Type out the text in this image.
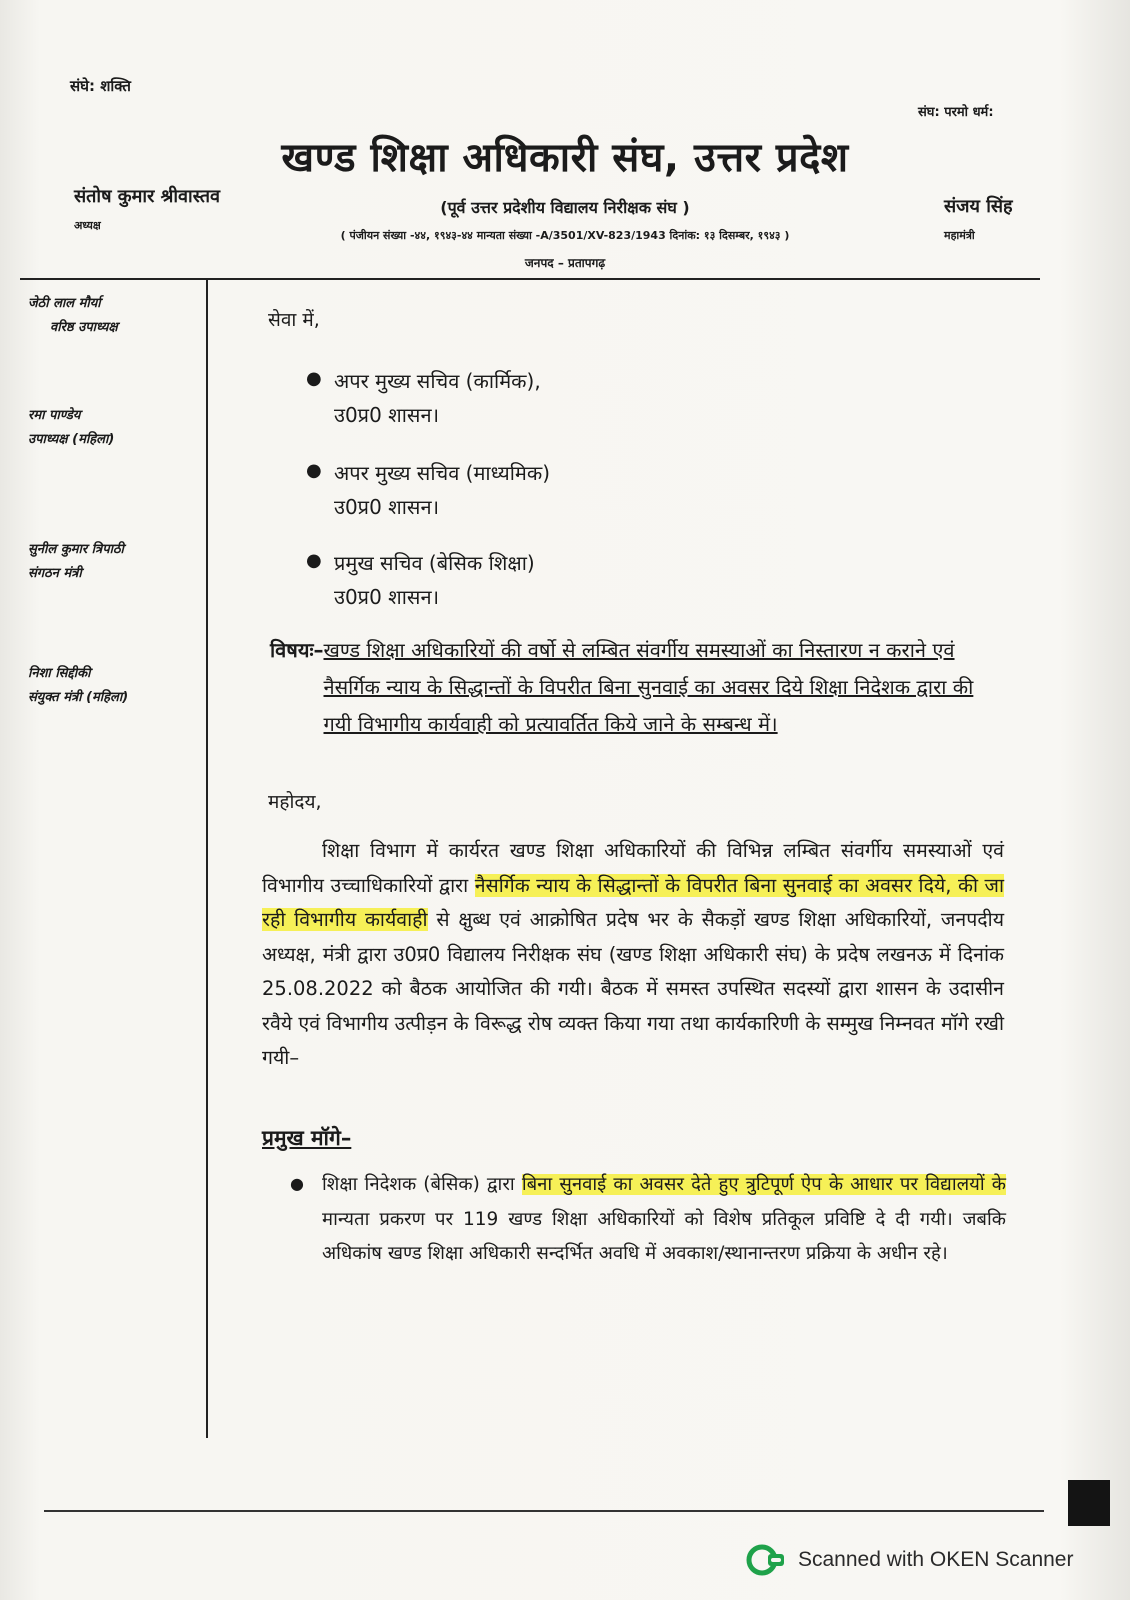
संघे: शक्ति
संघ: परमो धर्म:
खण्ड शिक्षा अधिकारी संघ, उत्तर प्रदेश
संतोष कुमार श्रीवास्तव
अध्यक्ष
संजय सिंह
महामंत्री
(पूर्व उत्तर प्रदेशीय विद्यालय निरीक्षक संघ )
( पंजीयन संख्या -४४, १९४३-४४ मान्यता संख्या -A/3501/XV-823/1943 दिनांक: १३ दिसम्बर, १९४३ )
जनपद – प्रतापगढ़
जेठी लाल मौर्या
वरिष्ठ उपाध्यक्ष
रमा पाण्डेय
उपाध्यक्ष (महिला)
सुनील कुमार त्रिपाठी
संगठन मंत्री
निशा सिद्दीकी
संयुक्त मंत्री (महिला)
सेवा में,
● अपर मुख्य सचिव (कार्मिक),
उ0प्र0 शासन।
● अपर मुख्य सचिव (माध्यमिक)
उ0प्र0 शासन।
● प्रमुख सचिव (बेसिक शिक्षा)
उ0प्र0 शासन।
विषयः– खण्ड शिक्षा अधिकारियों की वर्षो से लम्बित संवर्गीय समस्याओं का निस्तारण न कराने एवं नैसर्गिक न्याय के सिद्धान्तों के विपरीत बिना सुनवाई का अवसर दिये शिक्षा निदेशक द्वारा की गयी विभागीय कार्यवाही को प्रत्यावर्तित किये जाने के सम्बन्ध में।
महोदय,
शिक्षा विभाग में कार्यरत खण्ड शिक्षा अधिकारियों की विभिन्न लम्बित संवर्गीय समस्याओं एवं विभागीय उच्चाधिकारियों द्वारा नैसर्गिक न्याय के सिद्धान्तों के विपरीत बिना सुनवाई का अवसर दिये, की जा रही विभागीय कार्यवाही से क्षुब्ध एवं आक्रोषित प्रदेष भर के सैकड़ों खण्ड शिक्षा अधिकारियों, जनपदीय अध्यक्ष, मंत्री द्वारा उ0प्र0 विद्यालय निरीक्षक संघ (खण्ड शिक्षा अधिकारी संघ) के प्रदेष लखनऊ में दिनांक 25.08.2022 को बैठक आयोजित की गयी। बैठक में समस्त उपस्थित सदस्यों द्वारा शासन के उदासीन रवैये एवं विभागीय उत्पीड़न के विरूद्ध रोष व्यक्त किया गया तथा कार्यकारिणी के सम्मुख निम्नवत मॉगे रखी गयी–
प्रमुख मॉगे–
● शिक्षा निदेशक (बेसिक) द्वारा बिना सुनवाई का अवसर देते हुए त्रुटिपूर्ण ऐप के आधार पर विद्यालयों के मान्यता प्रकरण पर 119 खण्ड शिक्षा अधिकारियों को विशेष प्रतिकूल प्रविष्टि दे दी गयी। जबकि अधिकांष खण्ड शिक्षा अधिकारी सन्दर्भित अवधि में अवकाश/स्थानान्तरण प्रक्रिया के अधीन रहे।
Scanned with OKEN Scanner
